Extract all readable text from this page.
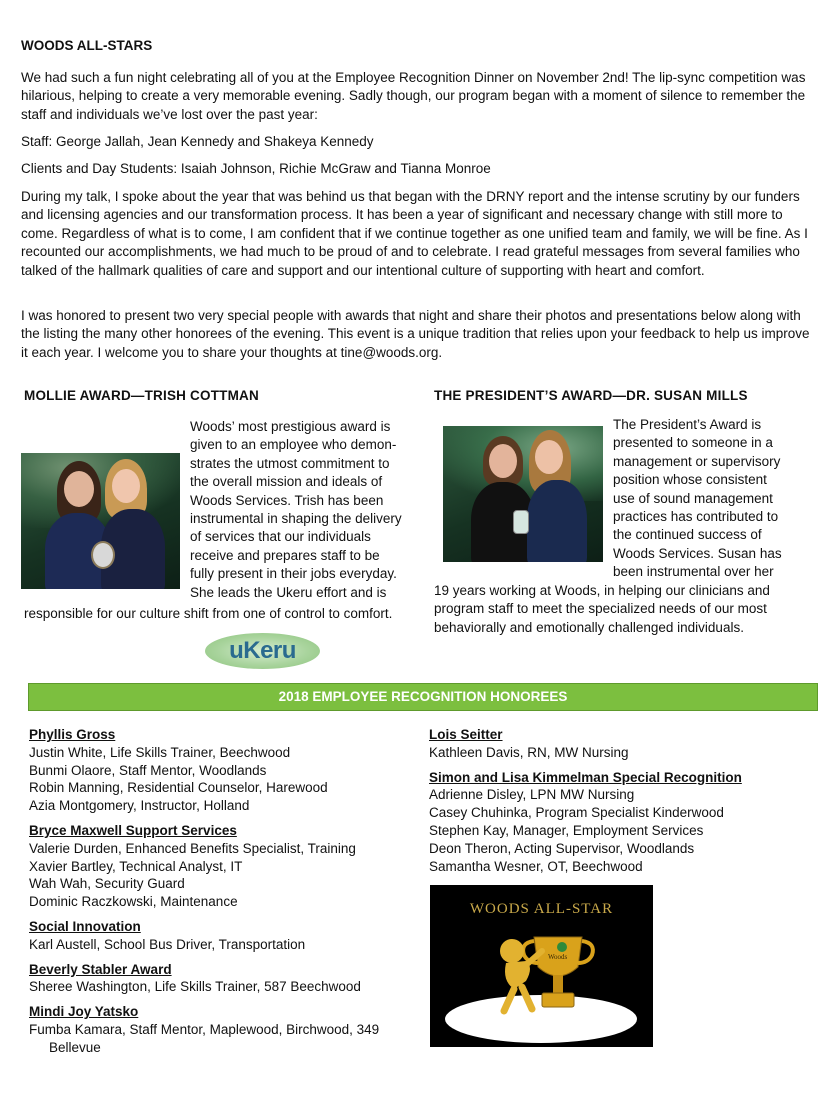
WOODS ALL-STARS

We had such a fun night celebrating all of you at the Employee Recognition Dinner on November 2nd! The lip-sync competition was hilarious, helping to create a very memorable evening. Sadly though, our program began with a moment of silence to remember the staff and individuals we’ve lost over the past year:

Staff: George Jallah, Jean Kennedy and Shakeya Kennedy

Clients and Day Students: Isaiah Johnson, Richie McGraw and Tianna Monroe

During my talk, I spoke about the year that was behind us that began with the DRNY report and the intense scrutiny by our funders and licensing agencies and our transformation process. It has been a year of significant and necessary change with still more to come. Regardless of what is to come, I am confident that if we continue together as one unified team and family, we will be fine. As I recounted our accomplishments, we had much to be proud of and to celebrate. I read grateful messages from several families who talked of the hallmark qualities of care and support and our intentional culture of supporting with heart and comfort.

I was honored to present two very special people with awards that night and share their photos and presentations below along with the listing the many other honorees of the evening. This event is a unique tradition that relies upon your feedback to help us improve it each year. I welcome you to share your thoughts at tine@woods.org.

MOLLIE AWARD—TRISH COTTMAN
Woods’ most prestigious award is
given to an employee who demon-
strates the utmost commitment to
the overall mission and ideals of
Woods Services. Trish has been
instrumental in shaping the delivery
of services that our individuals
receive and prepares staff to be
fully present in their jobs everyday.
She leads the Ukeru effort and is
responsible for our culture shift from one of control to comfort.
uKeru
THE PRESIDENT’S AWARD—DR. SUSAN MILLS
The President’s Award is
presented to someone in a
management or supervisory
position whose consistent
use of sound management
practices has contributed to
the continued success of
Woods Services. Susan has
been instrumental over her
19 years working at Woods, in helping our clinicians and program staff to meet the specialized needs of our most behaviorally and emotionally challenged individuals.
2018 EMPLOYEE RECOGNITION HONOREES
Phyllis Gross
Justin White, Life Skills Trainer, Beechwood
Bunmi Olaore, Staff Mentor, Woodlands
Robin Manning, Residential Counselor, Harewood
Azia Montgomery, Instructor, Holland
Bryce Maxwell Support Services
Valerie Durden, Enhanced Benefits Specialist, Training
Xavier Bartley, Technical Analyst, IT
Wah Wah, Security Guard
Dominic Raczkowski, Maintenance
Social Innovation
Karl Austell, School Bus Driver, Transportation
Beverly Stabler Award
Sheree Washington, Life Skills Trainer, 587 Beechwood
Mindi Joy Yatsko
Fumba Kamara, Staff Mentor, Maplewood, Birchwood, 349
Bellevue
Lois Seitter
Kathleen Davis, RN, MW Nursing
Simon and Lisa Kimmelman Special Recognition
Adrienne Disley, LPN MW Nursing
Casey Chuhinka, Program Specialist Kinderwood
Stephen Kay, Manager, Employment Services
Deon Theron, Acting Supervisor, Woodlands
Samantha Wesner, OT, Beechwood
WOODS ALL-STAR
Woods
